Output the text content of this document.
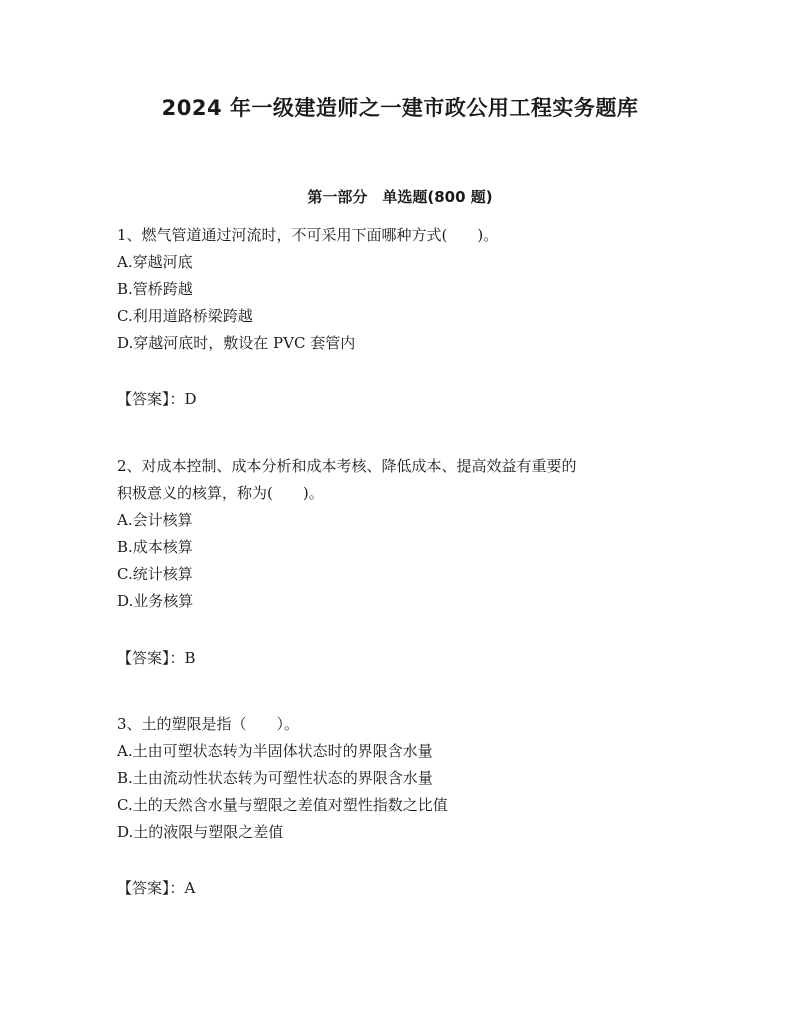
2024 年一级建造师之一建市政公用工程实务题库
第一部分　单选题(800 题)
1、燃气管道通过河流时，不可采用下面哪种方式(　　)。
A.穿越河底
B.管桥跨越
C.利用道路桥梁跨越
D.穿越河底时，敷设在 PVC 套管内
【答案】：D
2、对成本控制、成本分析和成本考核、降低成本、提高效益有重要的
积极意义的核算，称为(　　)。
A.会计核算
B.成本核算
C.统计核算
D.业务核算
【答案】：B
3、土的塑限是指（　　）。
A.土由可塑状态转为半固体状态时的界限含水量
B.土由流动性状态转为可塑性状态的界限含水量
C.土的天然含水量与塑限之差值对塑性指数之比值
D.土的液限与塑限之差值
【答案】：A
